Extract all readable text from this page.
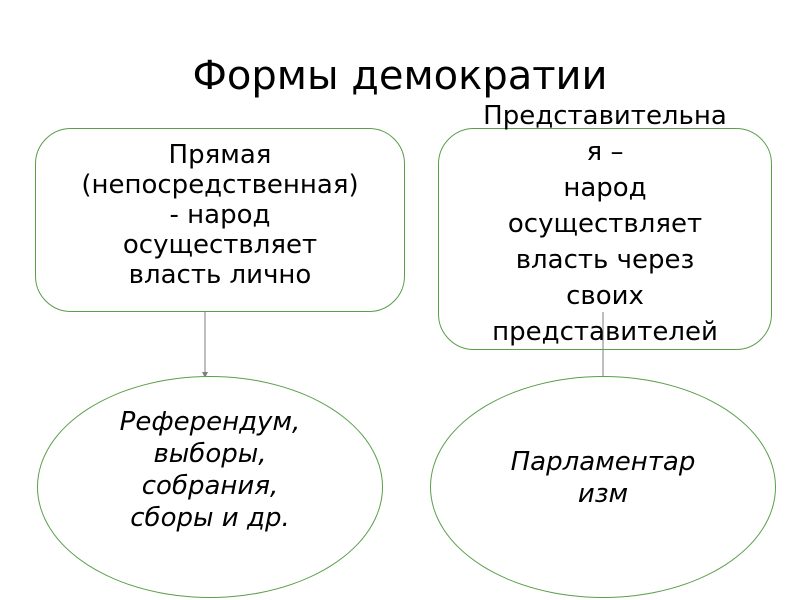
Формы демократии
Прямая
(непосредственная)
- народ
осуществляет
власть лично
Референдум,
выборы,
собрания,
сборы и др.
Парламентар
изм
Представительна
я –
народ
осуществляет
власть через
своих
представителей
